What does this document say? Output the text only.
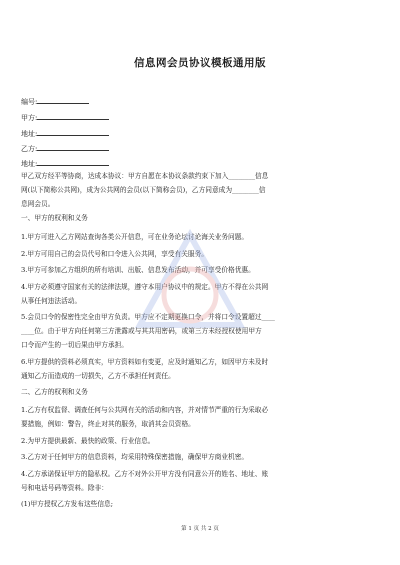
信息网会员协议模板通用版
编号:
甲方:
地址:
乙方:
地址:
甲乙双方经平等协商，达成本协议：甲方自愿在本协议条款约束下加入________信息
网(以下简称公共网)，成为公共网的会员(以下简称会员)，乙方同意成为________信
息网会员。
一、甲方的权利和义务
1.甲方可进入乙方网站查询各类公开信息，可在业务论坛讨论海关业务问题。
2.甲方可用自己的会员代号和口令进入公共网，享受有关服务。
3.甲方可参加乙方组织的所有培训、出版、信息发布活动，并可享受价格优惠。
4.甲方必须遵守国家有关的法律法规，遵守本用户协议中的规定。甲方不得在公共网
从事任何违法活动。
5.会员口令的保密性完全由甲方负责。甲方应不定期更换口令，并将口令设置超过____
____位。由于甲方向任何第三方泄露或与其共用密码，或第三方未经授权使用甲方
口令而产生的一切后果由甲方承担。
6.甲方提供的资料必须真实，甲方资料如有变更，应及时通知乙方，如因甲方未及时
通知乙方而造成的一切损失，乙方不承担任何责任。
二、乙方的权利和义务
1.乙方有权监督、调查任何与公共网有关的活动和内容，并对情节严重的行为采取必
要措施，例如：警告，终止对其的服务，取消其会员资格。
2.为甲方提供最新、最快的政策、行业信息。
3.乙方对于任何甲方的信息资料，均采用特殊保密措施，确保甲方商业机密。
4.乙方承诺保证甲方的隐私权。乙方不对外公开甲方没有同意公开的姓名、地址、账
号和电话号码等资料。除非：
(1)甲方授权乙方发布这些信息;
第 1 页 共 2 页
